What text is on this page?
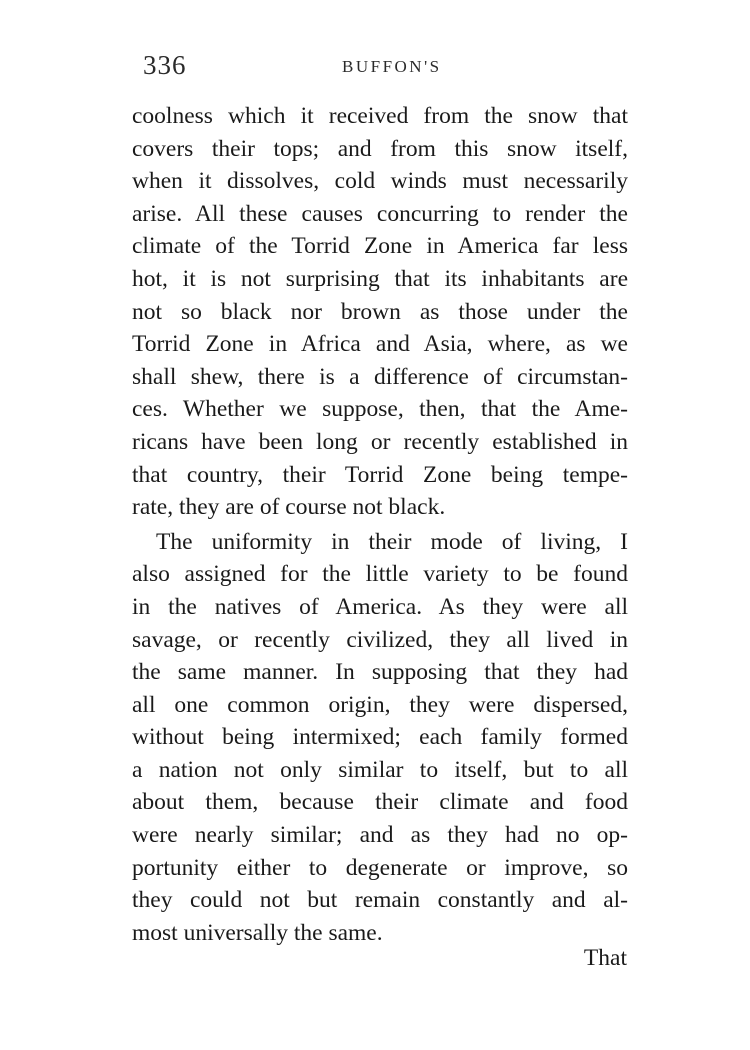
336	BUFFON'S
coolness which it received from the snow that
covers their tops; and from this snow itself,
when it dissolves, cold winds must necessarily
arise. All these causes concurring to render the
climate of the Torrid Zone in America far less
hot, it is not surprising that its inhabitants are
not so black nor brown as those under the
Torrid Zone in Africa and Asia, where, as we
shall shew, there is a difference of circumstan-
ces. Whether we suppose, then, that the Ame-
ricans have been long or recently established in
that country, their Torrid Zone being tempe-
rate, they are of course not black.
The uniformity in their mode of living, I
also assigned for the little variety to be found
in the natives of America. As they were all
savage, or recently civilized, they all lived in
the same manner. In supposing that they had
all one common origin, they were dispersed,
without being intermixed; each family formed
a nation not only similar to itself, but to all
about them, because their climate and food
were nearly similar; and as they had no op-
portunity either to degenerate or improve, so
they could not but remain constantly and al-
most universally the same.
That
